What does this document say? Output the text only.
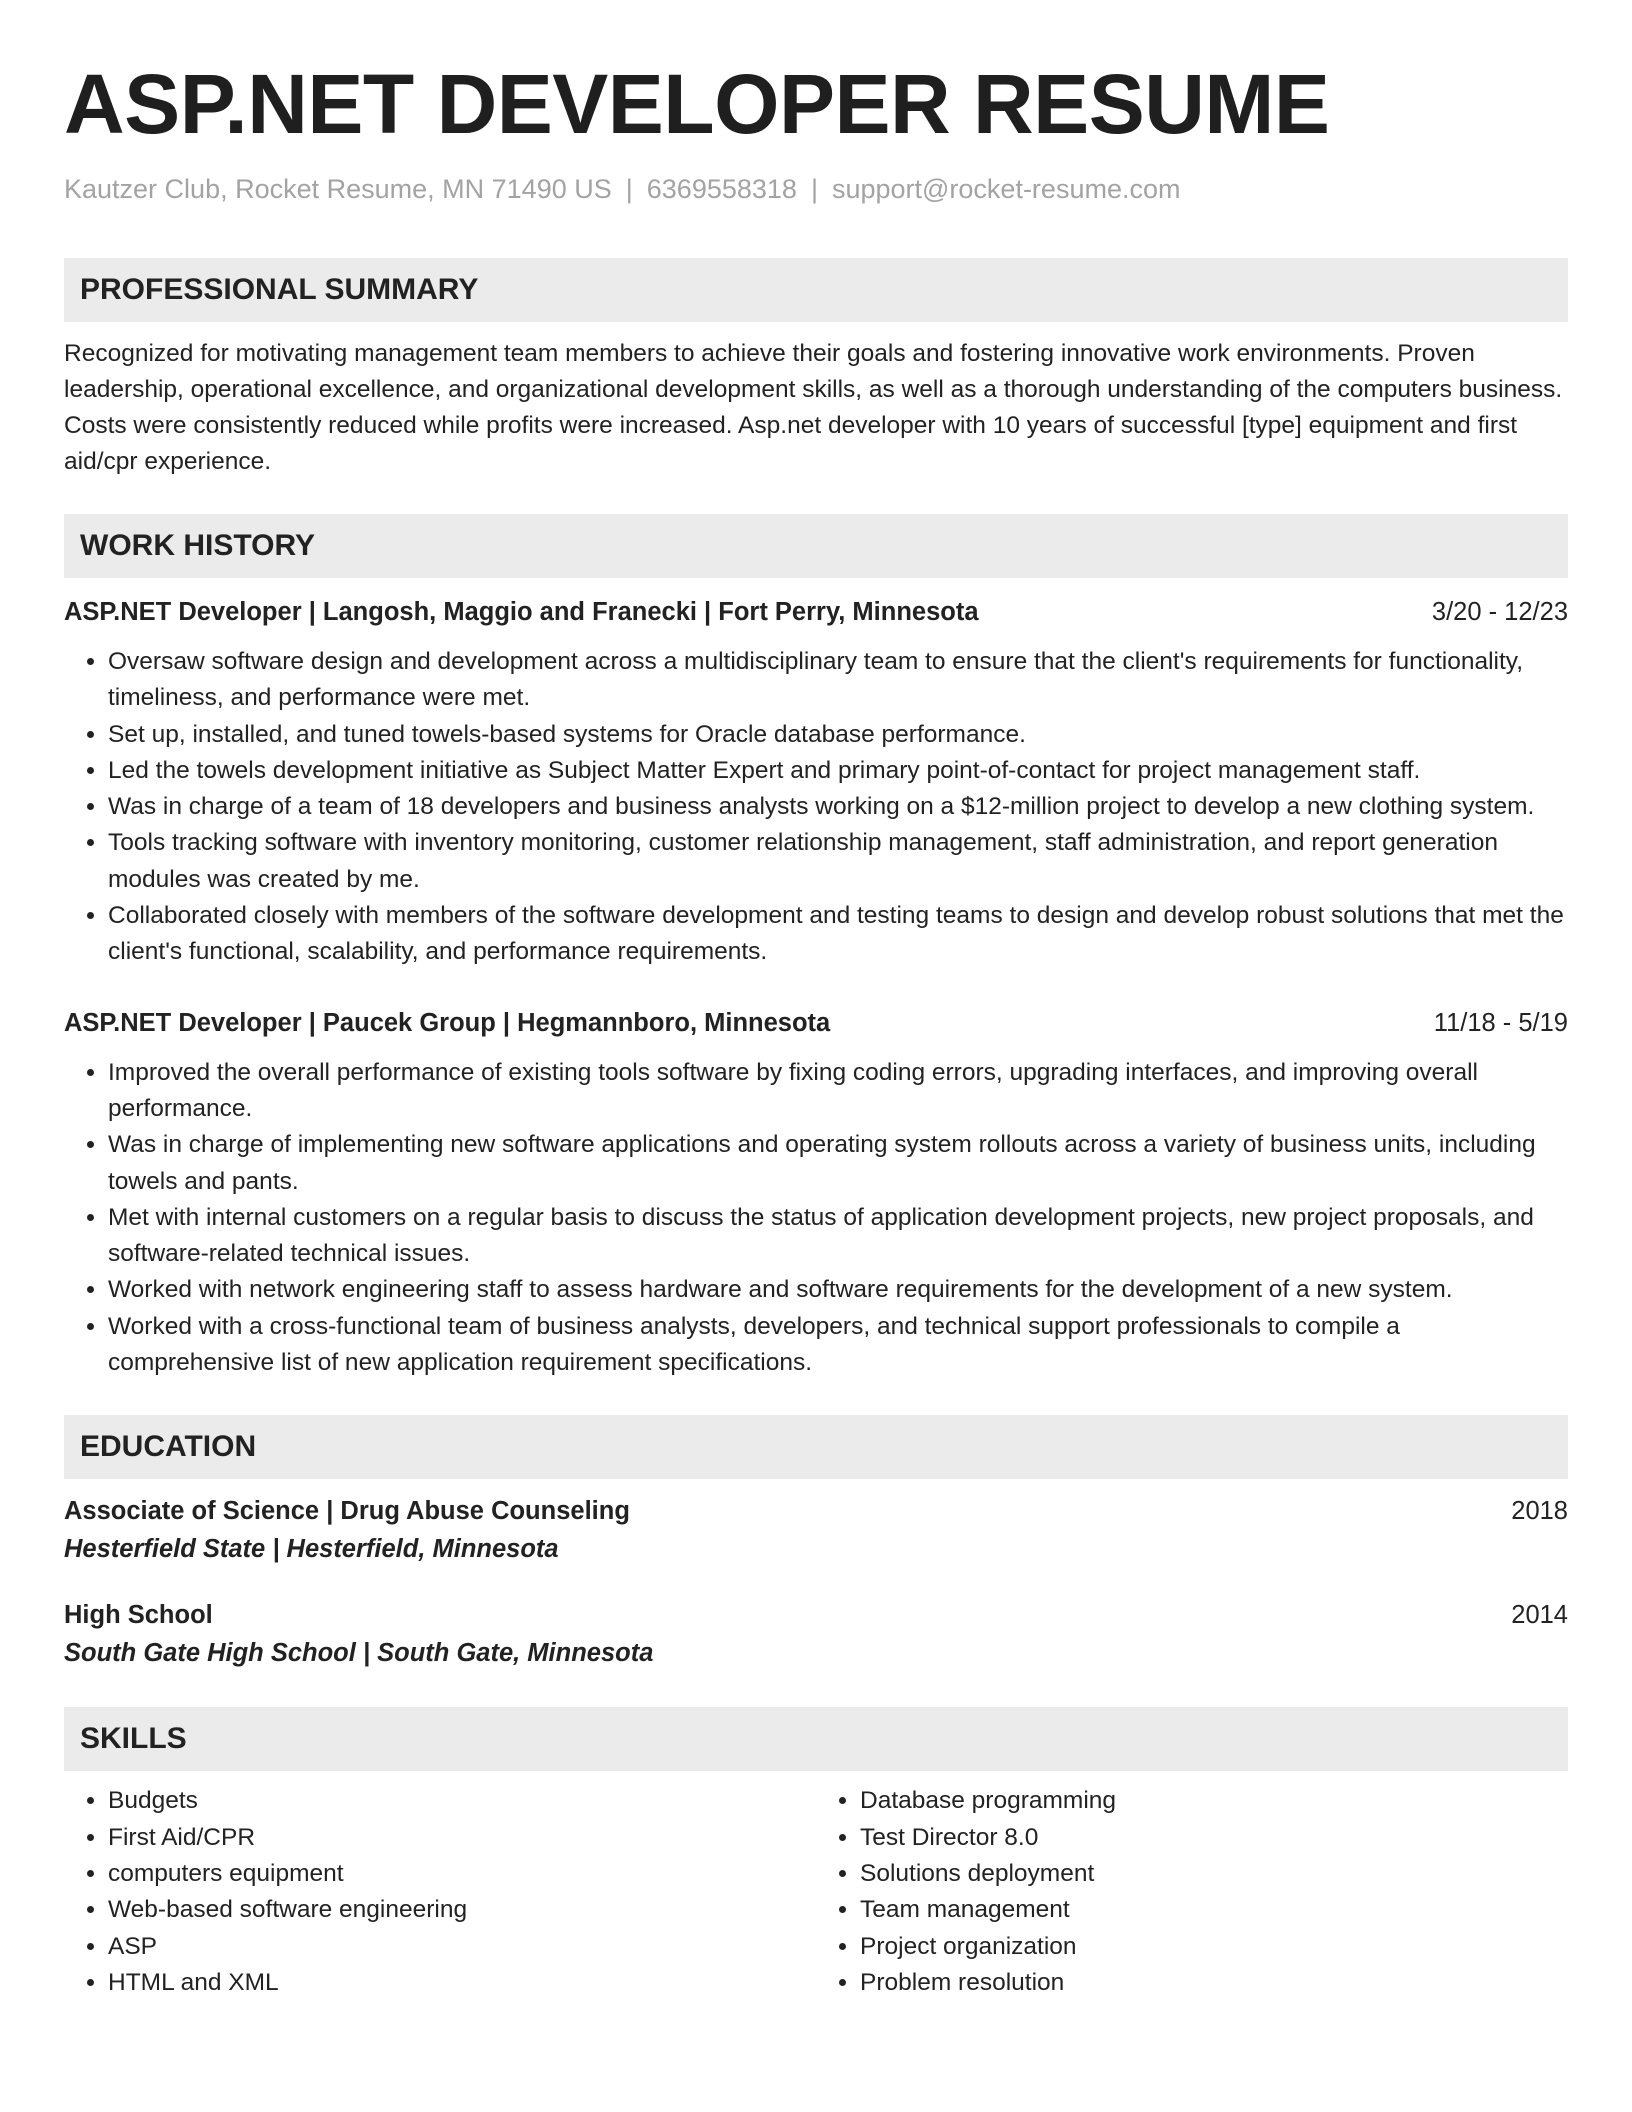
ASP.NET DEVELOPER RESUME
Kautzer Club, Rocket Resume, MN 71490 US | 6369558318 | support@rocket-resume.com
PROFESSIONAL SUMMARY
Recognized for motivating management team members to achieve their goals and fostering innovative work environments. Proven leadership, operational excellence, and organizational development skills, as well as a thorough understanding of the computers business. Costs were consistently reduced while profits were increased. Asp.net developer with 10 years of successful [type] equipment and first aid/cpr experience.
WORK HISTORY
ASP.NET Developer | Langosh, Maggio and Franecki | Fort Perry, Minnesota	3/20 - 12/23
• Oversaw software design and development across a multidisciplinary team to ensure that the client's requirements for functionality, timeliness, and performance were met.
• Set up, installed, and tuned towels-based systems for Oracle database performance.
• Led the towels development initiative as Subject Matter Expert and primary point-of-contact for project management staff.
• Was in charge of a team of 18 developers and business analysts working on a $12-million project to develop a new clothing system.
• Tools tracking software with inventory monitoring, customer relationship management, staff administration, and report generation modules was created by me.
• Collaborated closely with members of the software development and testing teams to design and develop robust solutions that met the client's functional, scalability, and performance requirements.
ASP.NET Developer | Paucek Group | Hegmannboro, Minnesota	11/18 - 5/19
• Improved the overall performance of existing tools software by fixing coding errors, upgrading interfaces, and improving overall performance.
• Was in charge of implementing new software applications and operating system rollouts across a variety of business units, including towels and pants.
• Met with internal customers on a regular basis to discuss the status of application development projects, new project proposals, and software-related technical issues.
• Worked with network engineering staff to assess hardware and software requirements for the development of a new system.
• Worked with a cross-functional team of business analysts, developers, and technical support professionals to compile a comprehensive list of new application requirement specifications.
EDUCATION
Associate of Science | Drug Abuse Counseling	2018
Hesterfield State | Hesterfield, Minnesota
High School	2014
South Gate High School | South Gate, Minnesota
SKILLS
• Budgets
• First Aid/CPR
• computers equipment
• Web-based software engineering
• ASP
• HTML and XML
• Database programming
• Test Director 8.0
• Solutions deployment
• Team management
• Project organization
• Problem resolution
